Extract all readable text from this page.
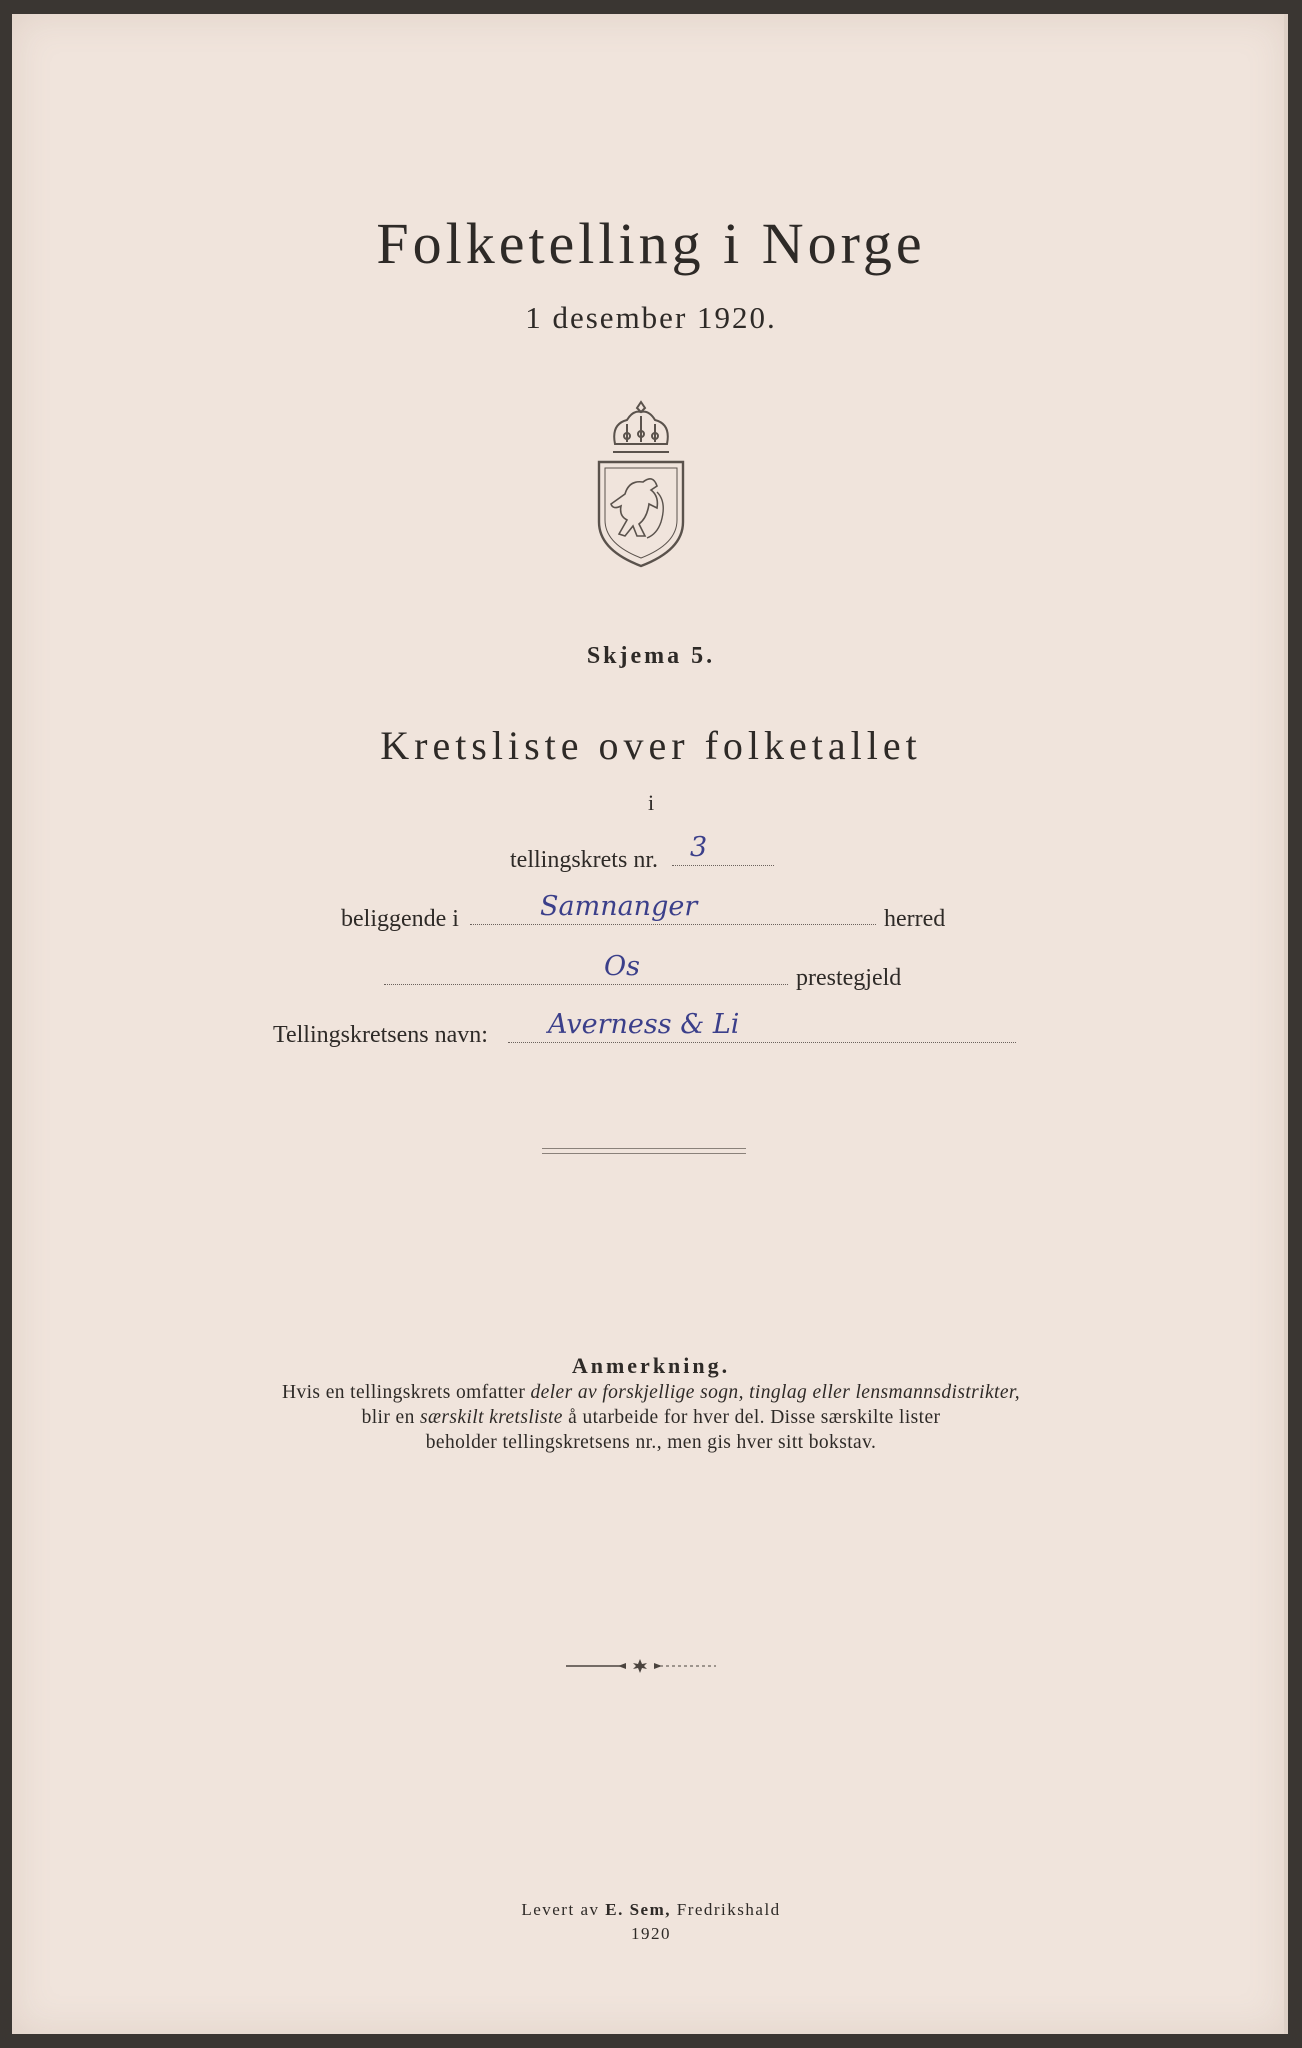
Folketelling i Norge
1 desember 1920.
Skjema 5.
Kretsliste over folketallet
i
tellingskrets nr.	3
beliggende i	Samnanger	herred
Os	prestegjeld
Tellingskretsens navn:	Averness & Li
Anmerkning.
Hvis en tellingskrets omfatter deler av forskjellige sogn, tinglag eller lensmannsdistrikter,
blir en særskilt kretsliste å utarbeide for hver del. Disse særskilte lister
beholder tellingskretsens nr., men gis hver sitt bokstav.
Levert av E. Sem, Fredrikshald
1920
